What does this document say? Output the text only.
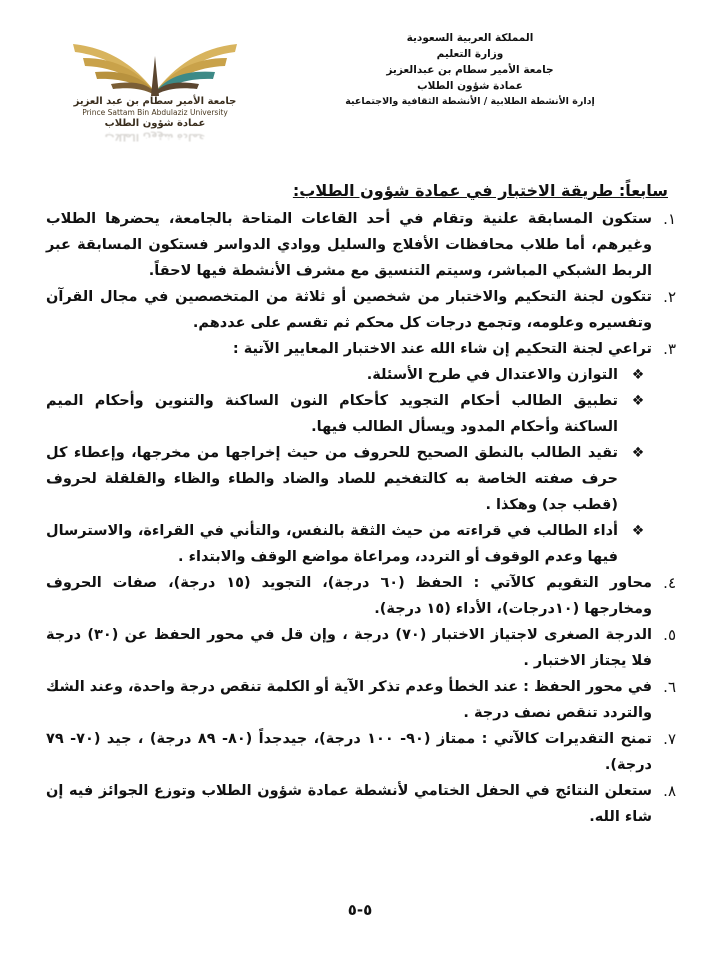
المملكة العربية السعودية
وزارة التعليم
جامعة الأمير سطام بن عبدالعزيز
عمادة شؤون الطلاب
إدارة الأنشطة الطلابية / الأنشطة الثقافية والاجتماعية
جامعة الأمير سطام بن عبد العزيز
Prince Sattam Bin Abdulaziz University
عمادة شؤون الطلاب
عمادة شؤون الطلاب
سابعاً: طريقة الاختبار في عمادة شؤون الطلاب:
١.
ستكون المسابقة علنية وتقام في أحد القاعات المتاحة بالجامعة، يحضرها الطلاب وغيرهم، أما طلاب محافظات الأفلاج والسليل ووادي الدواسر فستكون المسابقة عبر الربط الشبكي المباشر، وسيتم التنسيق مع مشرف الأنشطة فيها لاحقاً.
٢.
تتكون لجنة التحكيم والاختبار من شخصين أو ثلاثة من المتخصصين في مجال القرآن وتفسيره وعلومه، وتجمع درجات كل محكم ثم تقسم على عددهم.
٣.
تراعي لجنة التحكيم إن شاء الله عند الاختبار المعايير الآتية :
❖
التوازن والاعتدال في طرح الأسئلة.
❖
تطبيق الطالب أحكام التجويد كأحكام النون الساكنة والتنوين وأحكام الميم الساكنة وأحكام المدود ويسأل الطالب فيها.
❖
تقيد الطالب بالنطق الصحيح للحروف من حيث إخراجها من مخرجها، وإعطاء كل حرف صفته الخاصة به كالتفخيم للصاد والضاد والطاء والظاء والقلقلة لحروف (قطب جد) وهكذا .
❖
أداء الطالب في قراءته من حيث الثقة بالنفس، والتأني في القراءة، والاسترسال فيها وعدم الوقوف أو التردد، ومراعاة مواضع الوقف والابتداء .
٤.
محاور التقويم كالآتي : الحفظ (٦٠ درجة)، التجويد (١٥ درجة)، صفات الحروف ومخارجها (١٠درجات)، الأداء (١٥ درجة).
٥.
الدرجة الصغرى لاجتياز الاختبار (٧٠) درجة ، وإن قل في محور الحفظ عن (٣٠) درجة فلا يجتاز الاختبار .
٦.
في محور الحفظ : عند الخطأ وعدم تذكر الآية أو الكلمة تنقص درجة واحدة، وعند الشك والتردد تنقص نصف درجة .
٧.
تمنح التقديرات كالآتي : ممتاز (٩٠- ١٠٠ درجة)، جيدجداً (٨٠- ٨٩ درجة) ، جيد (٧٠- ٧٩ درجة).
٨.
ستعلن النتائج في الحفل الختامي لأنشطة عمادة شؤون الطلاب وتوزع الجوائز فيه إن شاء الله.
٥-٥
